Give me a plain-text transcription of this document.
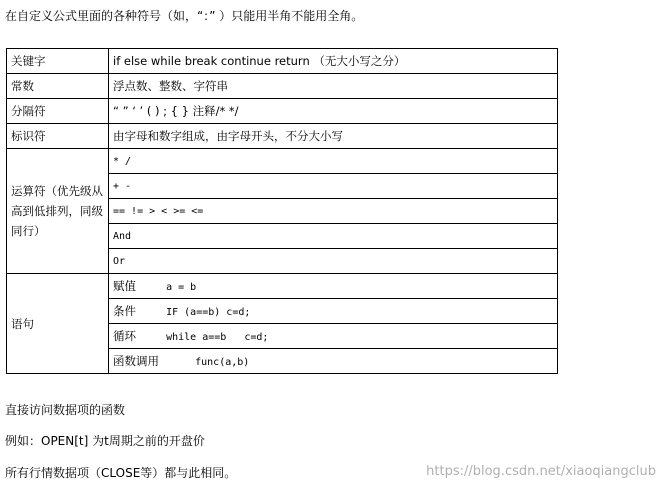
在自定义公式里面的各种符号（如，“：” ）只能用半角不能用全角。
关键字	if else while break continue return （无大小写之分）
常数	浮点数、整数、字符串
分隔符	“ ” ‘ ’ ( ) ; { } 注释/* */
标识符	由字母和数字组成，由字母开头，不分大小写
运算符（优先级从高到低排列，同级同行）	* /
	+ -
	== != > < >= <=
	And
	Or
语句	赋值     a = b
	条件     IF (a==b) c=d;
	循环     while a==b   c=d;
	函数调用      func(a,b)
直接访问数据项的函数
例如：OPEN[t] 为t周期之前的开盘价
所有行情数据项（CLOSE等）都与此相同。	https://blog.csdn.net/xiaoqiangclub
